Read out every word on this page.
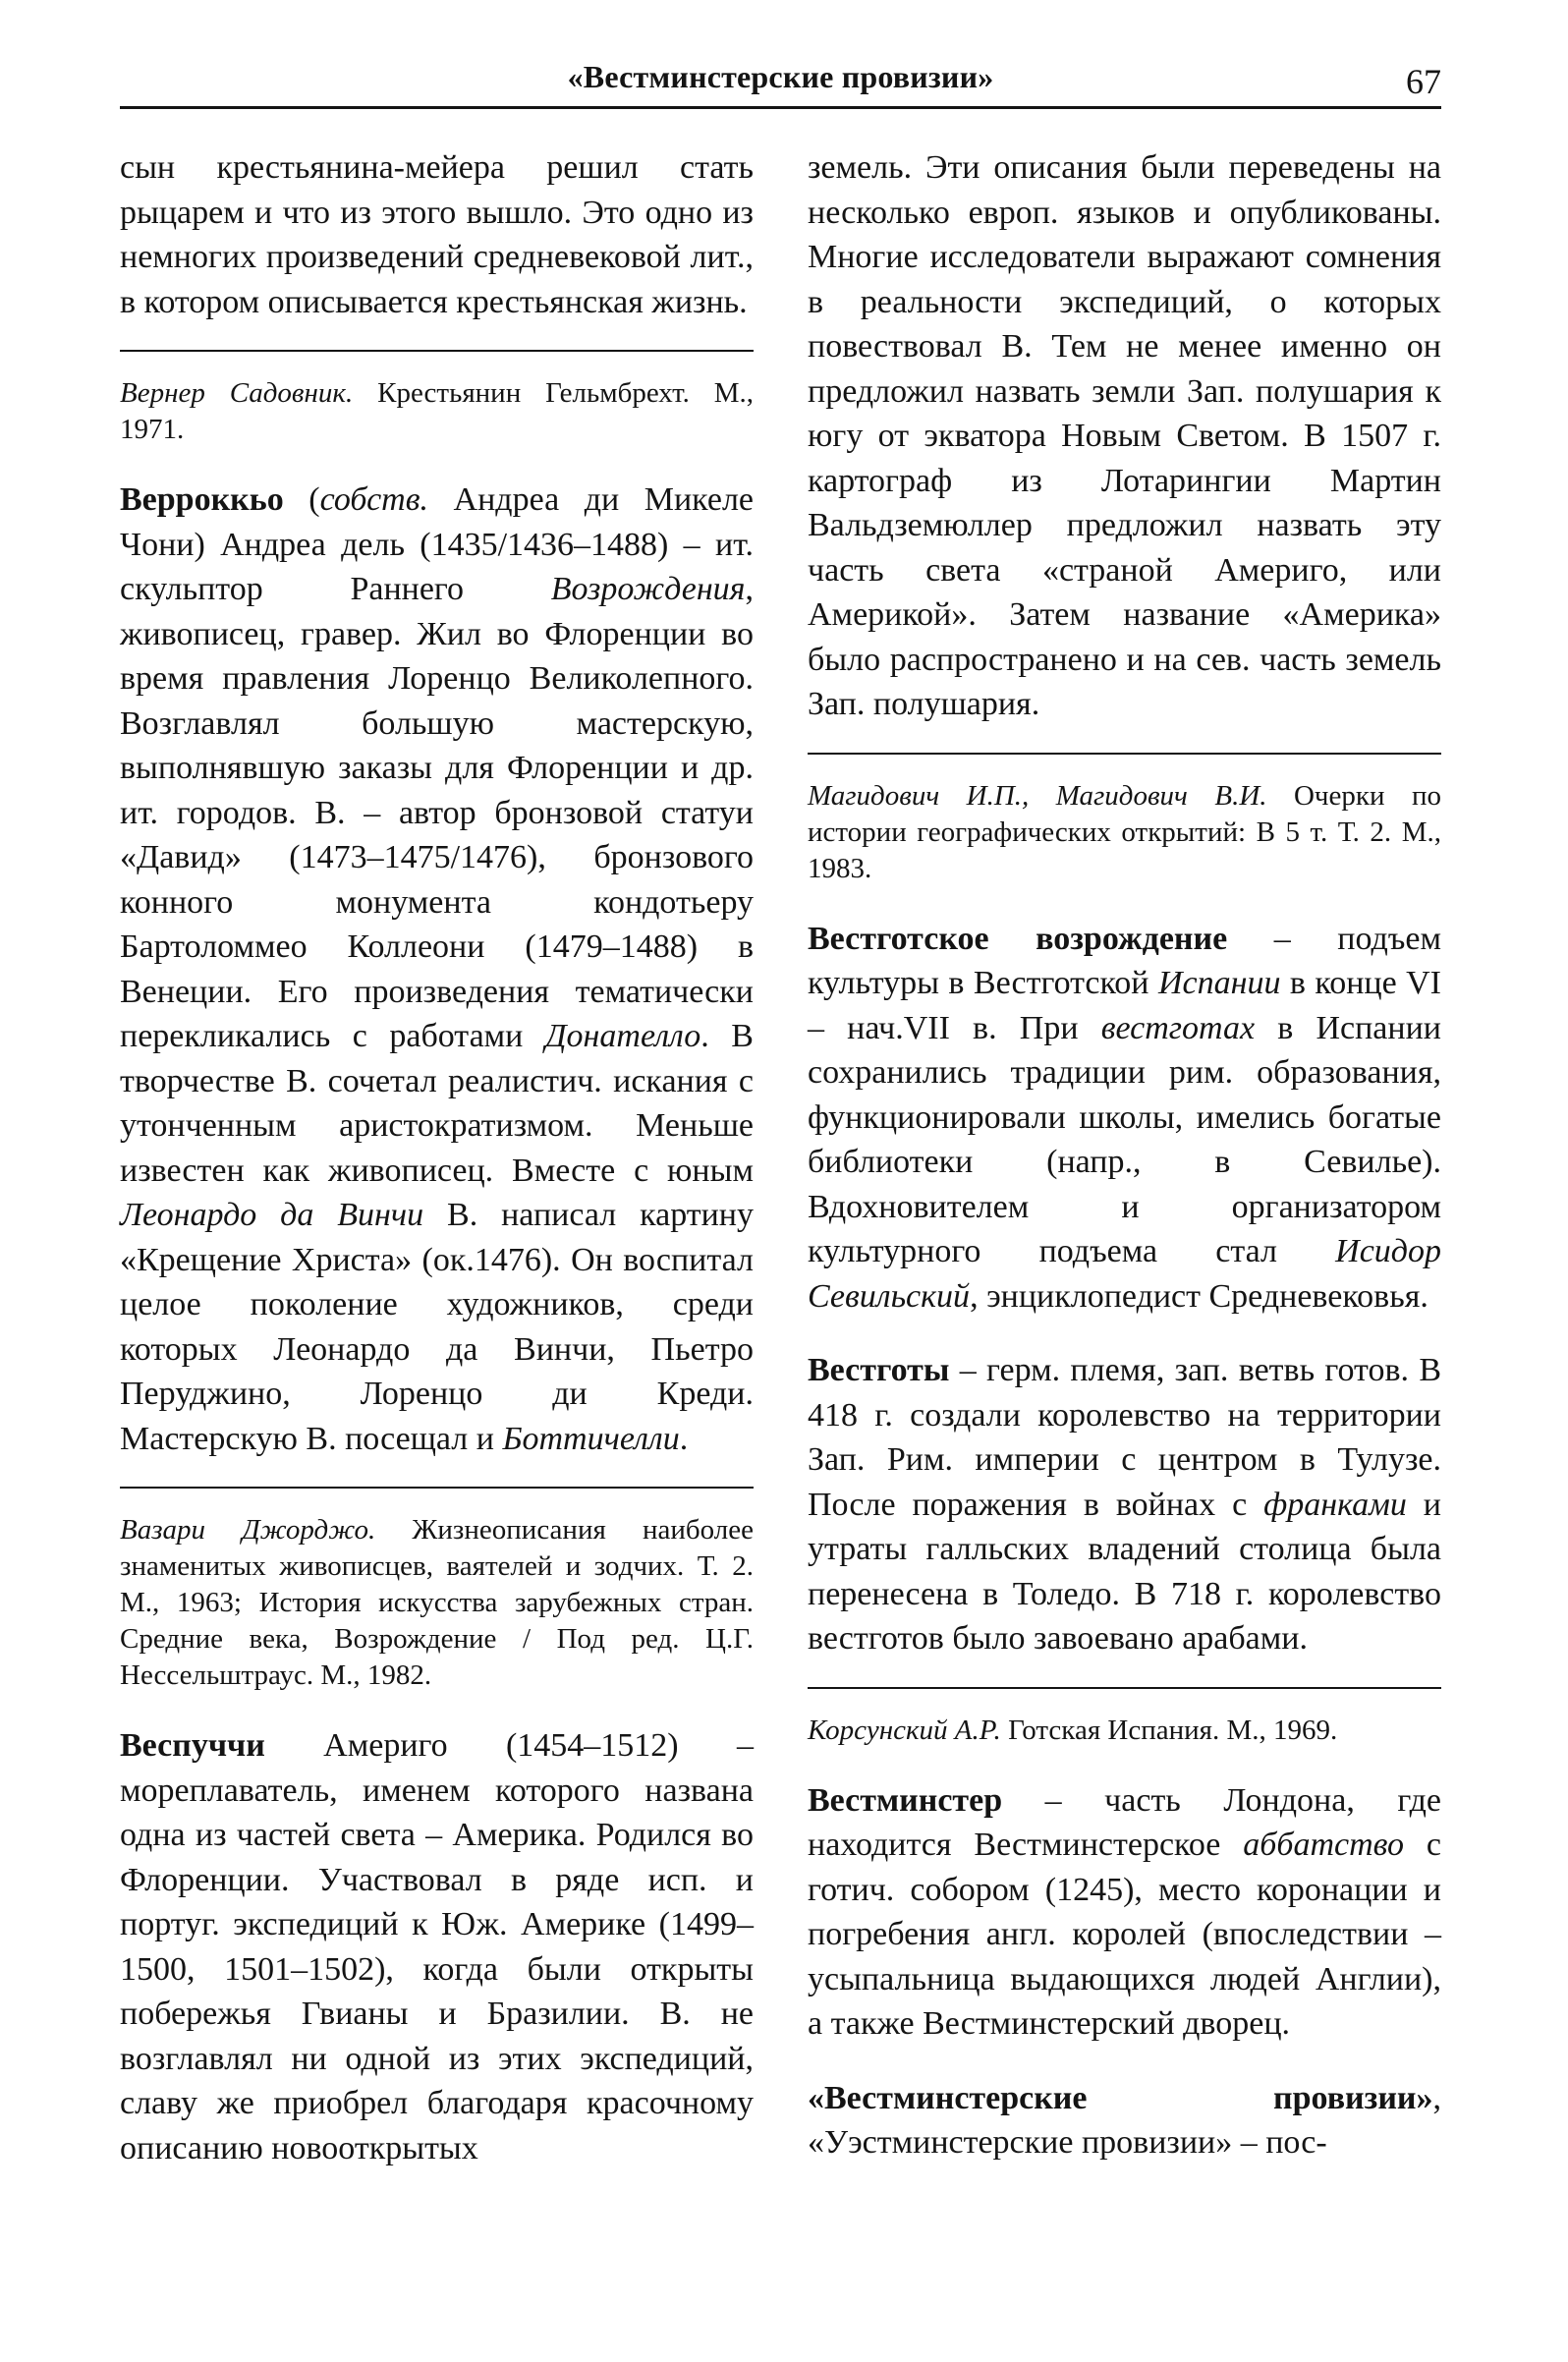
«Вестминстерские провизии»	67

сын крестьянина-мейера решил стать рыцарем и что из этого вышло. Это одно из немногих произведений средневековой лит., в котором описывается крестьянская жизнь.

Вернер Садовник. Крестьянин Гельмбрехт. М., 1971.

Верроккьо (собств. Андреа ди Микеле Чони) Андреа дель (1435/1436–1488) – ит. скульптор Раннего Возрождения, живописец, гравер. Жил во Флоренции во время правления Лоренцо Великолепного. Возглавлял большую мастерскую, выполнявшую заказы для Флоренции и др. ит. городов. В. – автор бронзовой статуи «Давид» (1473–1475/1476), бронзового конного монумента кондотьеру Бартоломмео Коллеони (1479–1488) в Венеции. Его произведения тематически перекликались с работами Донателло. В творчестве В. сочетал реалистич. искания с утонченным аристократизмом. Меньше известен как живописец. Вместе с юным Леонардо да Винчи В. написал картину «Крещение Христа» (ок.1476). Он воспитал целое поколение художников, среди которых Леонардо да Винчи, Пьетро Перуджино, Лоренцо ди Креди. Мастерскую В. посещал и Боттичелли.

Вазари Джорджо. Жизнеописания наиболее знаменитых живописцев, ваятелей и зодчих. Т. 2. М., 1963; История искусства зарубежных стран. Средние века, Возрождение / Под ред. Ц.Г. Нессельштраус. М., 1982.

Веспуччи Америго (1454–1512) – мореплаватель, именем которого названа одна из частей света – Америка. Родился во Флоренции. Участвовал в ряде исп. и португ. экспедиций к Юж. Америке (1499–1500, 1501–1502), когда были открыты побережья Гвианы и Бразилии. В. не возглавлял ни одной из этих экспедиций, славу же приобрел благодаря красочному описанию новооткрытых

земель. Эти описания были переведены на несколько европ. языков и опубликованы. Многие исследователи выражают сомнения в реальности экспедиций, о которых повествовал В. Тем не менее именно он предложил назвать земли Зап. полушария к югу от экватора Новым Светом. В 1507 г. картограф из Лотарингии Мартин Вальдземюллер предложил назвать эту часть света «страной Америго, или Америкой». Затем название «Америка» было распространено и на сев. часть земель Зап. полушария.

Магидович И.П., Магидович В.И. Очерки по истории географических открытий: В 5 т. Т. 2. М., 1983.

Вестготское возрождение – подъем культуры в Вестготской Испании в конце VI – нач.VII в. При вестготах в Испании сохранились традиции рим. образования, функционировали школы, имелись богатые библиотеки (напр., в Севилье). Вдохновителем и организатором культурного подъема стал Исидор Севильский, энциклопедист Средневековья.

Вестготы – герм. племя, зап. ветвь готов. В 418 г. создали королевство на территории Зап. Рим. империи с центром в Тулузе. После поражения в войнах с франками и утраты галльских владений столица была перенесена в Толедо. В 718 г. королевство вестготов было завоевано арабами.

Корсунский А.Р. Готская Испания. М., 1969.

Вестминстер – часть Лондона, где находится Вестминстерское аббатство с готич. собором (1245), место коронации и погребения англ. королей (впоследствии – усыпальница выдающихся людей Англии), а также Вестминстерский дворец.

«Вестминстерские провизии», «Уэстминстерские провизии» – пос-
